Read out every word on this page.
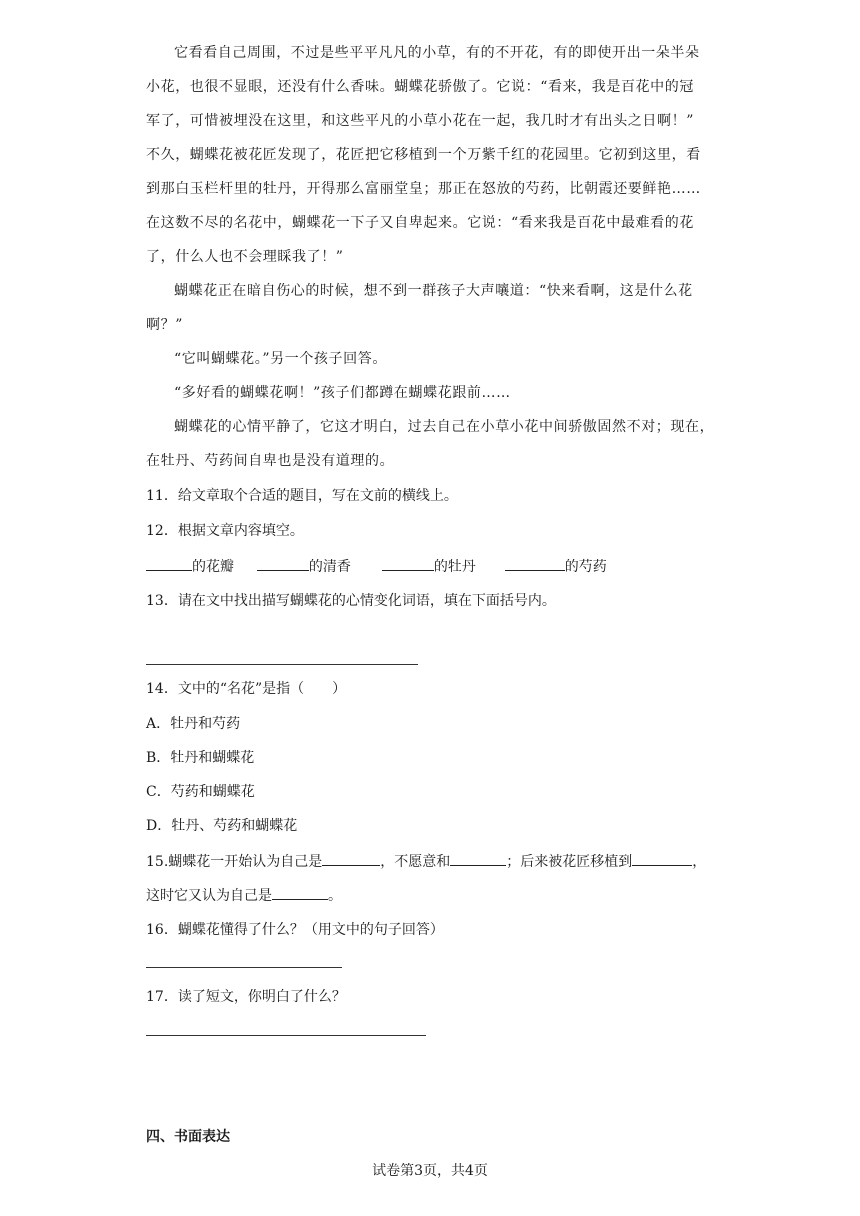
它看看自己周围，不过是些平平凡凡的小草，有的不开花，有的即使开出一朵半朵
小花，也很不显眼，还没有什么香味。蝴蝶花骄傲了。它说：“看来，我是百花中的冠
军了，可惜被埋没在这里，和这些平凡的小草小花在一起，我几时才有出头之日啊！”
不久，蝴蝶花被花匠发现了，花匠把它移植到一个万紫千红的花园里。它初到这里，看
到那白玉栏杆里的牡丹，开得那么富丽堂皇；那正在怒放的芍药，比朝霞还要鲜艳……
在这数不尽的名花中，蝴蝶花一下子又自卑起来。它说：“看来我是百花中最难看的花
了，什么人也不会理睬我了！”
蝴蝶花正在暗自伤心的时候，想不到一群孩子大声嚷道：“快来看啊，这是什么花
啊？”
“它叫蝴蝶花。”另一个孩子回答。
“多好看的蝴蝶花啊！”孩子们都蹲在蝴蝶花跟前……
蝴蝶花的心情平静了，它这才明白，过去自己在小草小花中间骄傲固然不对；现在，
在牡丹、芍药间自卑也是没有道理的。
11．给文章取个合适的题目，写在文前的横线上。
12．根据文章内容填空。
的花瓣	的清香	的牡丹	的芍药
13．请在文中找出描写蝴蝶花的心情变化词语，填在下面括号内。
14．文中的“名花”是指（　　）
A．牡丹和芍药
B．牡丹和蝴蝶花
C．芍药和蝴蝶花
D．牡丹、芍药和蝴蝶花
15.蝴蝶花一开始认为自己是	，不愿意和	；后来被花匠移植到	，
这时它又认为自己是	。
16．蝴蝶花懂得了什么？（用文中的句子回答）
17．读了短文，你明白了什么？
四、书面表达
试卷第3页，共4页
